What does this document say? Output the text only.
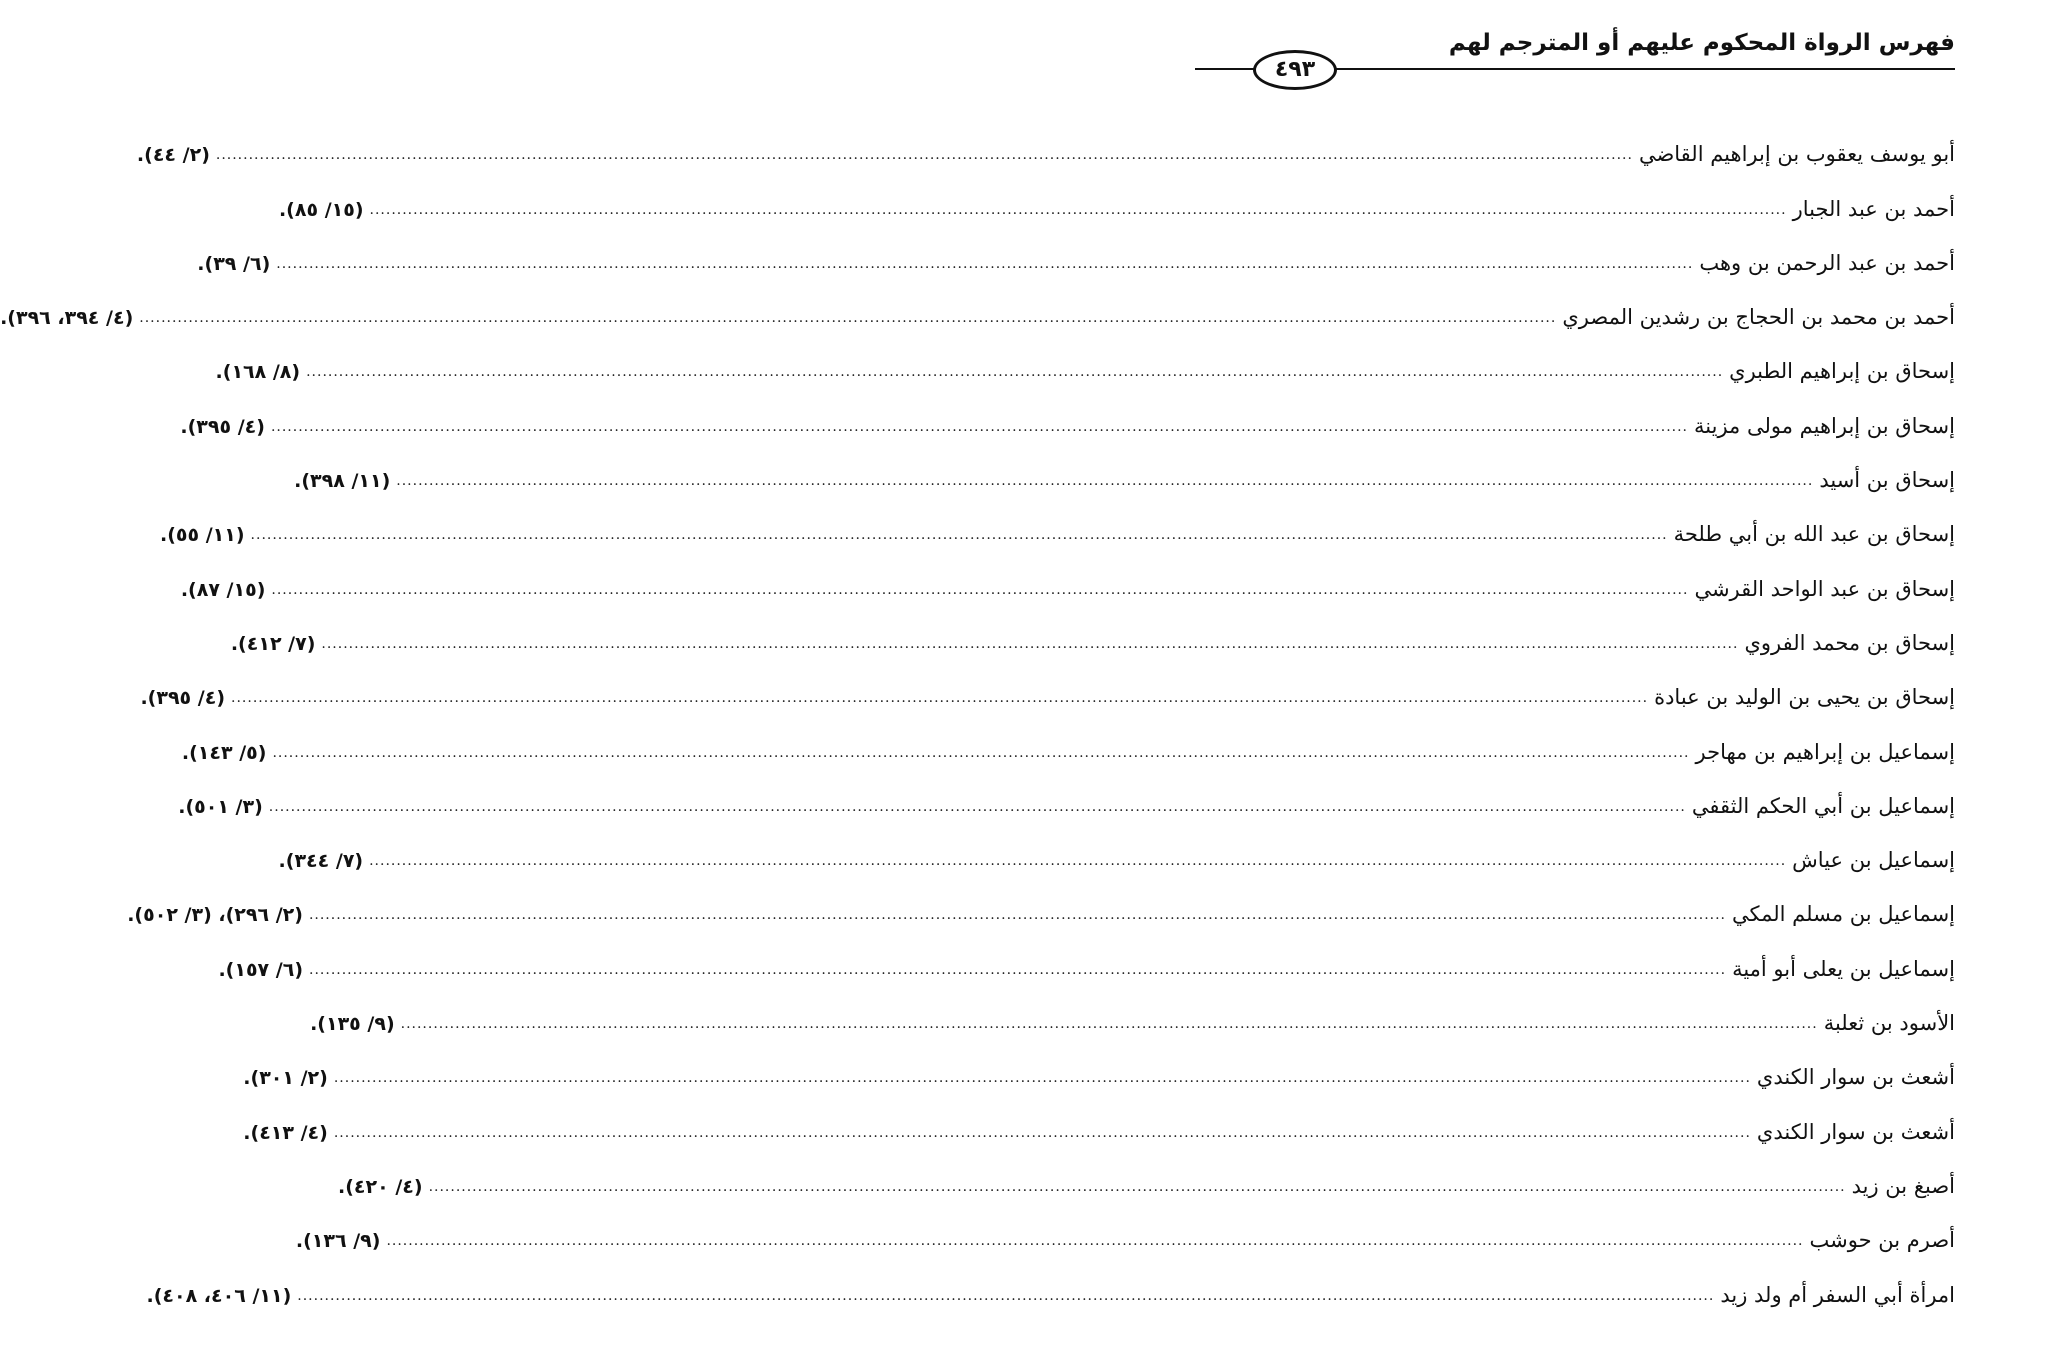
فهرس الرواة المحكوم عليهم أو المترجم لهم
٤٩٣
أبو يوسف يعقوب بن إبراهيم القاضي
....................................................................................................................................................................................................................................................................
(٢/ ٤٤).
أحمد بن عبد الجبار
....................................................................................................................................................................................................................................................................
(١٥/ ٨٥).
أحمد بن عبد الرحمن بن وهب
....................................................................................................................................................................................................................................................................
(٦/ ٣٩).
أحمد بن محمد بن الحجاج بن رشدين المصري
....................................................................................................................................................................................................................................................................
(٤/ ٣٩٤، ٣٩٦).
إسحاق بن إبراهيم الطبري
....................................................................................................................................................................................................................................................................
(٨/ ١٦٨).
إسحاق بن إبراهيم مولى مزينة
....................................................................................................................................................................................................................................................................
(٤/ ٣٩٥).
إسحاق بن أسيد
....................................................................................................................................................................................................................................................................
(١١/ ٣٩٨).
إسحاق بن عبد الله بن أبي طلحة
....................................................................................................................................................................................................................................................................
(١١/ ٥٥).
إسحاق بن عبد الواحد القرشي
....................................................................................................................................................................................................................................................................
(١٥/ ٨٧).
إسحاق بن محمد الفروي
....................................................................................................................................................................................................................................................................
(٧/ ٤١٢).
إسحاق بن يحيى بن الوليد بن عبادة
....................................................................................................................................................................................................................................................................
(٤/ ٣٩٥).
إسماعيل بن إبراهيم بن مهاجر
....................................................................................................................................................................................................................................................................
(٥/ ١٤٣).
إسماعيل بن أبي الحكم الثقفي
....................................................................................................................................................................................................................................................................
(٣/ ٥٠١).
إسماعيل بن عياش
....................................................................................................................................................................................................................................................................
(٧/ ٣٤٤).
إسماعيل بن مسلم المكي
....................................................................................................................................................................................................................................................................
(٢/ ٢٩٦)، (٣/ ٥٠٢).
إسماعيل بن يعلى أبو أمية
....................................................................................................................................................................................................................................................................
(٦/ ١٥٧).
الأسود بن ثعلبة
....................................................................................................................................................................................................................................................................
(٩/ ١٣٥).
أشعث بن سوار الكندي
....................................................................................................................................................................................................................................................................
(٢/ ٣٠١).
أشعث بن سوار الكندي
....................................................................................................................................................................................................................................................................
(٤/ ٤١٣).
أصبغ بن زيد
....................................................................................................................................................................................................................................................................
(٤/ ٤٢٠).
أصرم بن حوشب
....................................................................................................................................................................................................................................................................
(٩/ ١٣٦).
امرأة أبي السفر أم ولد زيد
....................................................................................................................................................................................................................................................................
(١١/ ٤٠٦، ٤٠٨).
